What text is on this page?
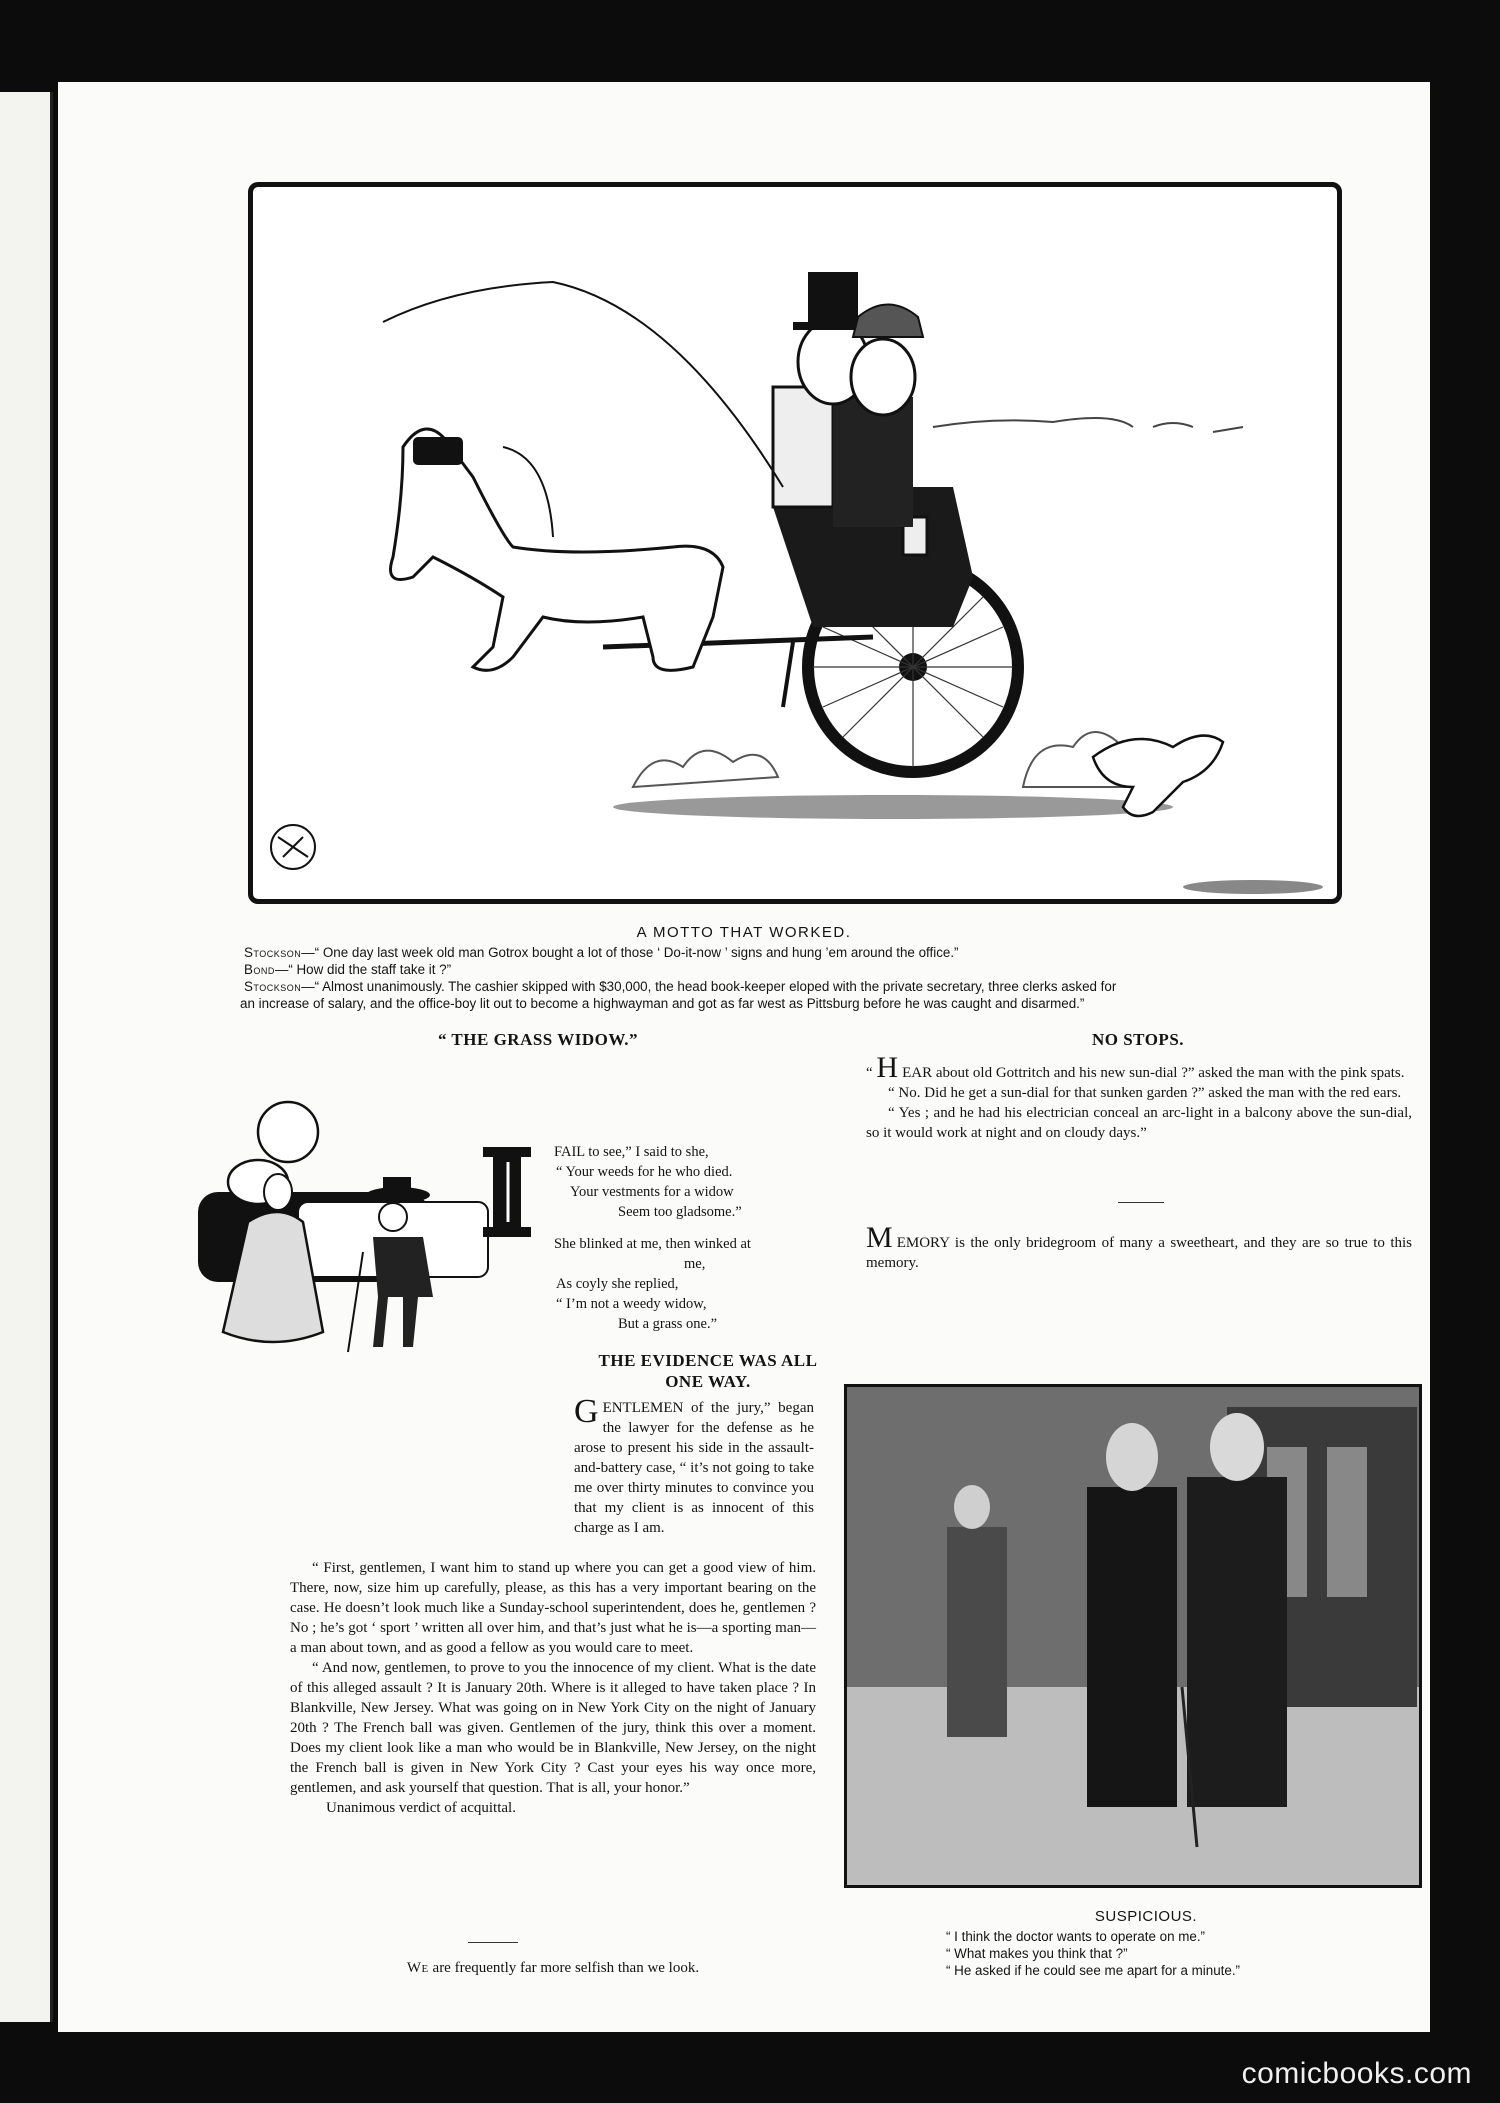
A MOTTO THAT WORKED.
Stockson—“ One day last week old man Gotrox bought a lot of those ‘ Do-it-now ’ signs and hung ’em around the office.”
Bond—“ How did the staff take it ?”
Stockson—“ Almost unanimously. The cashier skipped with $30,000, the head book-keeper eloped with the private secretary, three clerks asked for
an increase of salary, and the office-boy lit out to become a highwayman and got as far west as Pittsburg before he was caught and disarmed.”
“ THE GRASS WIDOW.”
FAIL to see,” I said to she,
“ Your weeds for he who died.
Your vestments for a widow
Seem too gladsome.”
She blinked at me, then winked at
me,
As coyly she replied,
“ I’m not a weedy widow,
But a grass one.”
THE EVIDENCE WAS ALL
ONE WAY.

GENTLEMEN of the jury,” began the lawyer for the defense as he arose to present his side in the assault-and-battery case, “ it’s not going to take me over thirty minutes to convince you that my client is as innocent of this charge as I am.

“ First, gentlemen, I want him to stand up where you can get a good view of him. There, now, size him up carefully, please, as this has a very important bearing on the case. He doesn’t look much like a Sunday-school superintendent, does he, gentlemen ? No ; he’s got ‘ sport ’ written all over him, and that’s just what he is—a sporting man—a man about town, and as good a fellow as you would care to meet.

“ And now, gentlemen, to prove to you the innocence of my client. What is the date of this alleged assault ? It is January 20th. Where is it alleged to have taken place ? In Blankville, New Jersey. What was going on in New York City on the night of January 20th ? The French ball was given. Gentlemen of the jury, think this over a moment. Does my client look like a man who would be in Blankville, New Jersey, on the night the French ball is given in New York City ? Cast your eyes his way once more, gentlemen, and ask yourself that question. That is all, your honor.”

Unanimous verdict of acquittal.

We are frequently far more selfish than we look.
NO STOPS.

“ H EAR about old Gottritch and his new sun-dial ?” asked the man with the pink spats.

“ No. Did he get a sun-dial for that sunken garden ?” asked the man with the red ears.

“ Yes ; and he had his electrician conceal an arc-light in a balcony above the sun-dial, so it would work at night and on cloudy days.”

MEMORY is the only bridegroom of many a sweetheart, and they are so true to this memory.

SUSPICIOUS.
“ I think the doctor wants to operate on me.”
“ What makes you think that ?”
“ He asked if he could see me apart for a minute.”
comicbooks.com
